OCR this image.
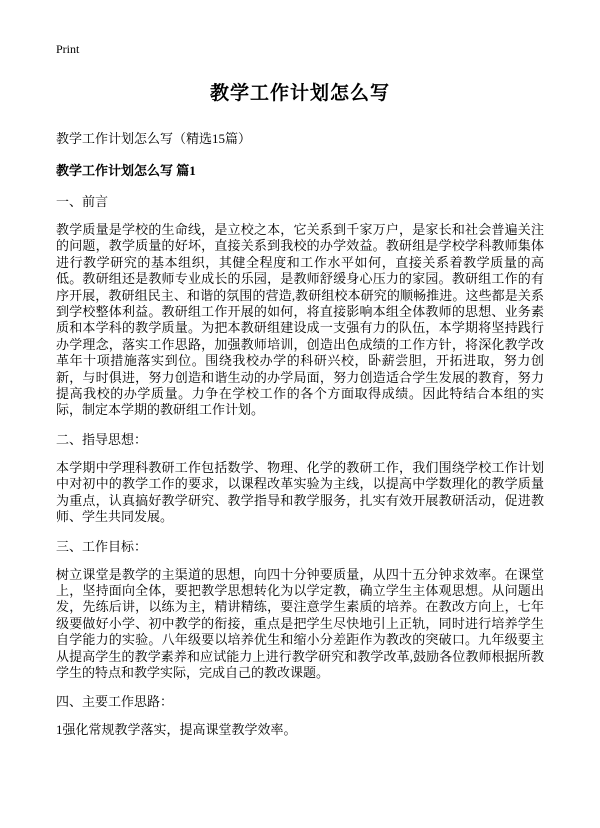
Print
教学工作计划怎么写

教学工作计划怎么写（精选15篇）

教学工作计划怎么写 篇1

一、前言

教学质量是学校的生命线，是立校之本，它关系到千家万户，是家长和社会普遍关注的问题，教学质量的好坏，直接关系到我校的办学效益。教研组是学校学科教师集体进行教学研究的基本组织，其健全程度和工作水平如何，直接关系着教学质量的高低。教研组还是教师专业成长的乐园，是教师舒缓身心压力的家园。教研组工作的有序开展，教研组民主、和谐的氛围的营造,教研组校本研究的顺畅推进。这些都是关系到学校整体利益。教研组工作开展的如何，将直接影响本组全体教师的思想、业务素质和本学科的教学质量。为把本教研组建设成一支强有力的队伍，本学期将坚持践行办学理念，落实工作思路，加强教师培训，创造出色成绩的工作方针，将深化教学改革年十项措施落实到位。围绕我校办学的科研兴校，卧薪尝胆，开拓进取，努力创新，与时俱进，努力创造和谐生动的办学局面，努力创造适合学生发展的教育，努力提高我校的办学质量。力争在学校工作的各个方面取得成绩。因此特结合本组的实际，制定本学期的教研组工作计划。

二、指导思想：

本学期中学理科教研工作包括数学、物理、化学的教研工作，我们围绕学校工作计划中对初中的教学工作的要求，以课程改革实验为主线，以提高中学数理化的教学质量为重点，认真搞好教学研究、教学指导和教学服务，扎实有效开展教研活动，促进教师、学生共同发展。

三、工作目标：

树立课堂是教学的主渠道的思想，向四十分钟要质量，从四十五分钟求效率。在课堂上，坚持面向全体，要把教学思想转化为以学定教，确立学生主体观思想。从问题出发，先练后讲，以练为主，精讲精练，要注意学生素质的培养。在教改方向上，七年级要做好小学、初中教学的衔接，重点是把学生尽快地引上正轨，同时进行培养学生自学能力的实验。八年级要以培养优生和缩小分差距作为教改的突破口。九年级要主从提高学生的教学素养和应试能力上进行教学研究和教学改革,鼓励各位教师根据所教学生的特点和教学实际，完成自己的教改课题。

四、主要工作思路：

1强化常规教学落实，提高课堂教学效率。
